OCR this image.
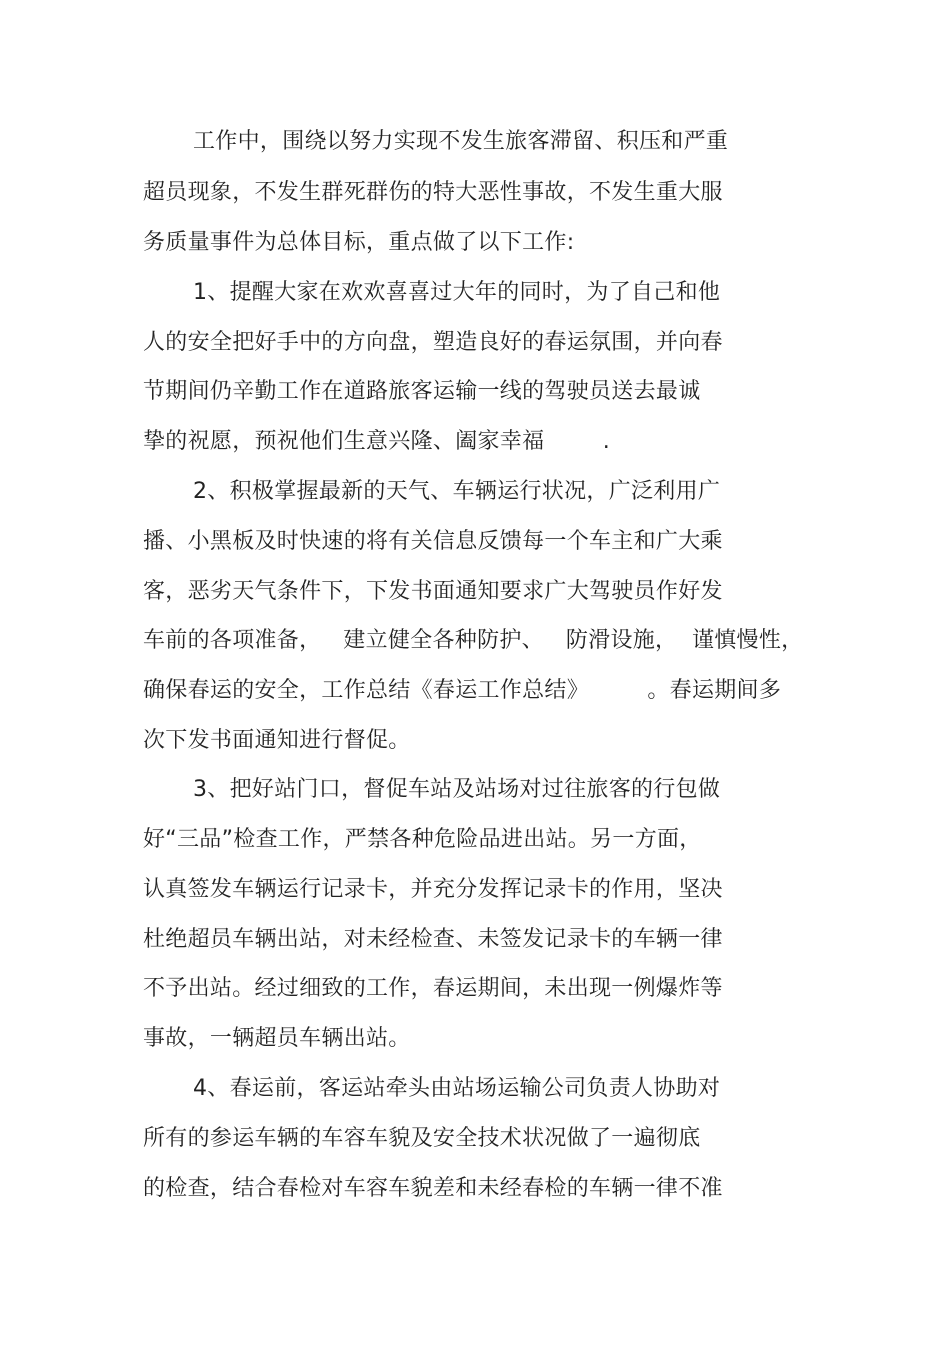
工作中，围绕以努力实现不发生旅客滞留、积压和严重
超员现象，不发生群死群伤的特大恶性事故，不发生重大服
务质量事件为总体目标，重点做了以下工作:
1、提醒大家在欢欢喜喜过大年的同时，为了自己和他
人的安全把好手中的方向盘，塑造良好的春运氛围，并向春
节期间仍辛勤工作在道路旅客运输一线的驾驶员送去最诚
挚的祝愿，预祝他们生意兴隆、阖家幸福        .
2、积极掌握最新的天气、车辆运行状况，广泛利用广
播、小黑板及时快速的将有关信息反馈每一个车主和广大乘
客，恶劣天气条件下，下发书面通知要求广大驾驶员作好发
车前的各项准备，   建立健全各种防护、   防滑设施，  谨慎慢性，
确保春运的安全，工作总结《春运工作总结》        。春运期间多
次下发书面通知进行督促。
3、把好站门口，督促车站及站场对过往旅客的行包做
好“三品”检查工作，严禁各种危险品进出站。另一方面，
认真签发车辆运行记录卡，并充分发挥记录卡的作用，坚决
杜绝超员车辆出站，对未经检查、未签发记录卡的车辆一律
不予出站。经过细致的工作，春运期间，未出现一例爆炸等
事故，一辆超员车辆出站。
4、春运前，客运站牵头由站场运输公司负责人协助对
所有的参运车辆的车容车貌及安全技术状况做了一遍彻底
的检查，结合春检对车容车貌差和未经春检的车辆一律不准
